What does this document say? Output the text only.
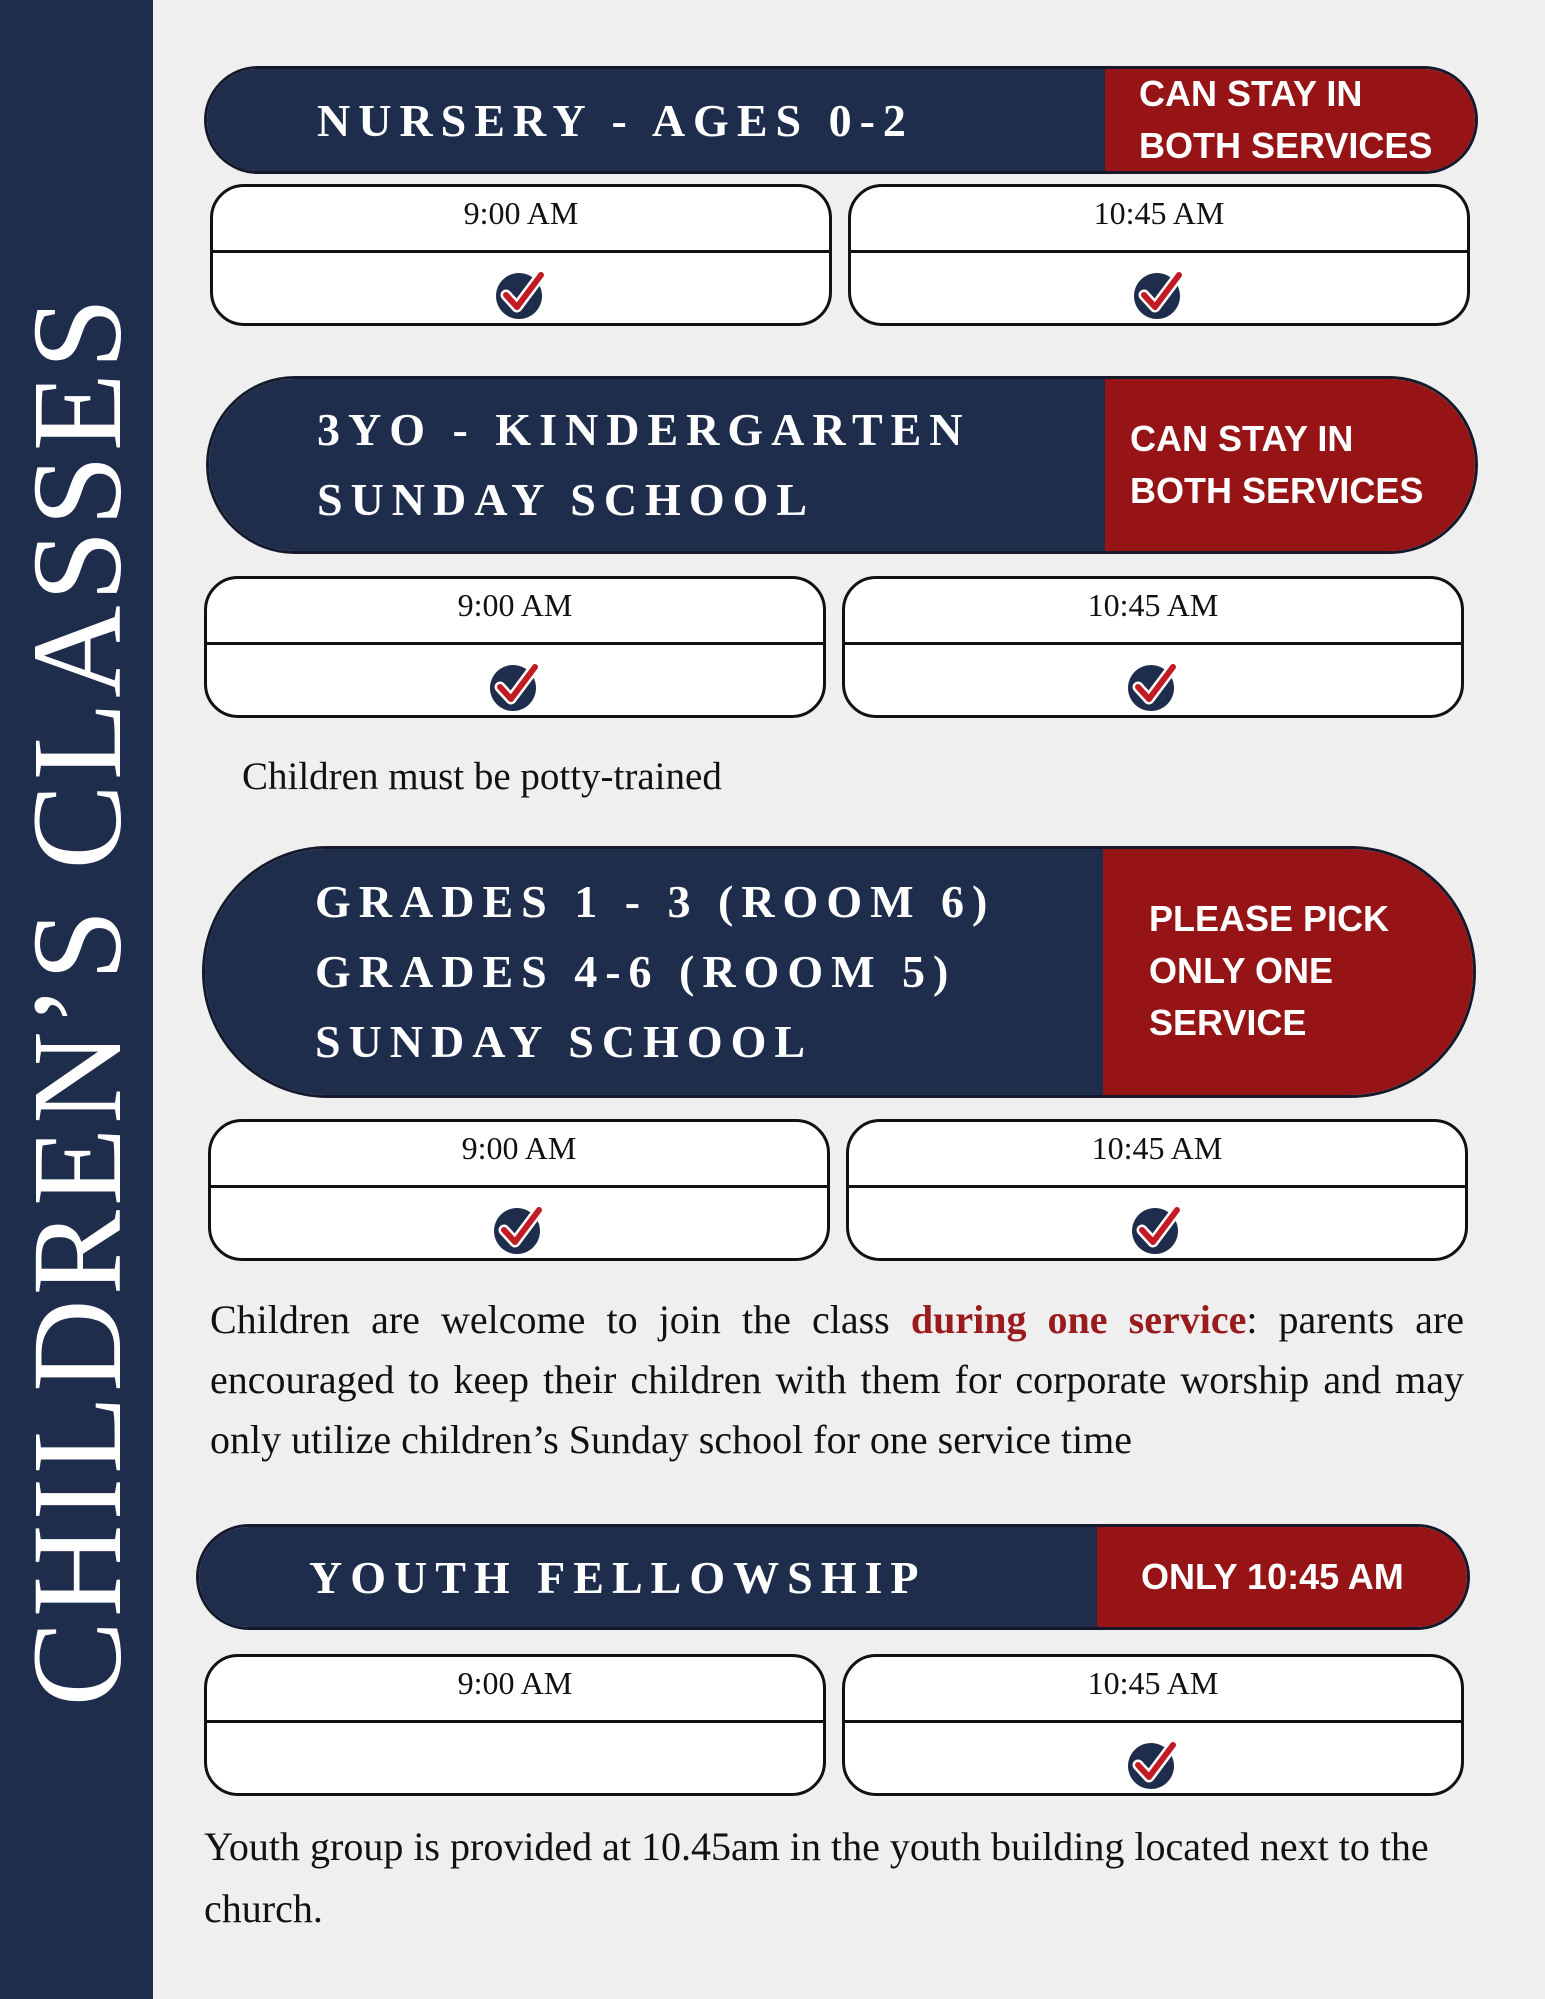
CHILDREN’S CLASSES
NURSERY - AGES 0-2
CAN STAY IN
BOTH SERVICES
9:00 AM	10:45 AM
3YO - KINDERGARTEN
SUNDAY SCHOOL
CAN STAY IN
BOTH SERVICES
9:00 AM	10:45 AM
Children must be potty-trained
GRADES 1 - 3 (ROOM 6)
GRADES 4-6 (ROOM 5)
SUNDAY SCHOOL
PLEASE PICK
ONLY ONE
SERVICE
9:00 AM	10:45 AM
Children are welcome to join the class during one service: parents are encouraged to keep their children with them for corporate worship and may only utilize children’s Sunday school for one service time
YOUTH FELLOWSHIP	ONLY 10:45 AM
9:00 AM	10:45 AM
Youth group is provided at 10.45am in the youth building located next to the church.
